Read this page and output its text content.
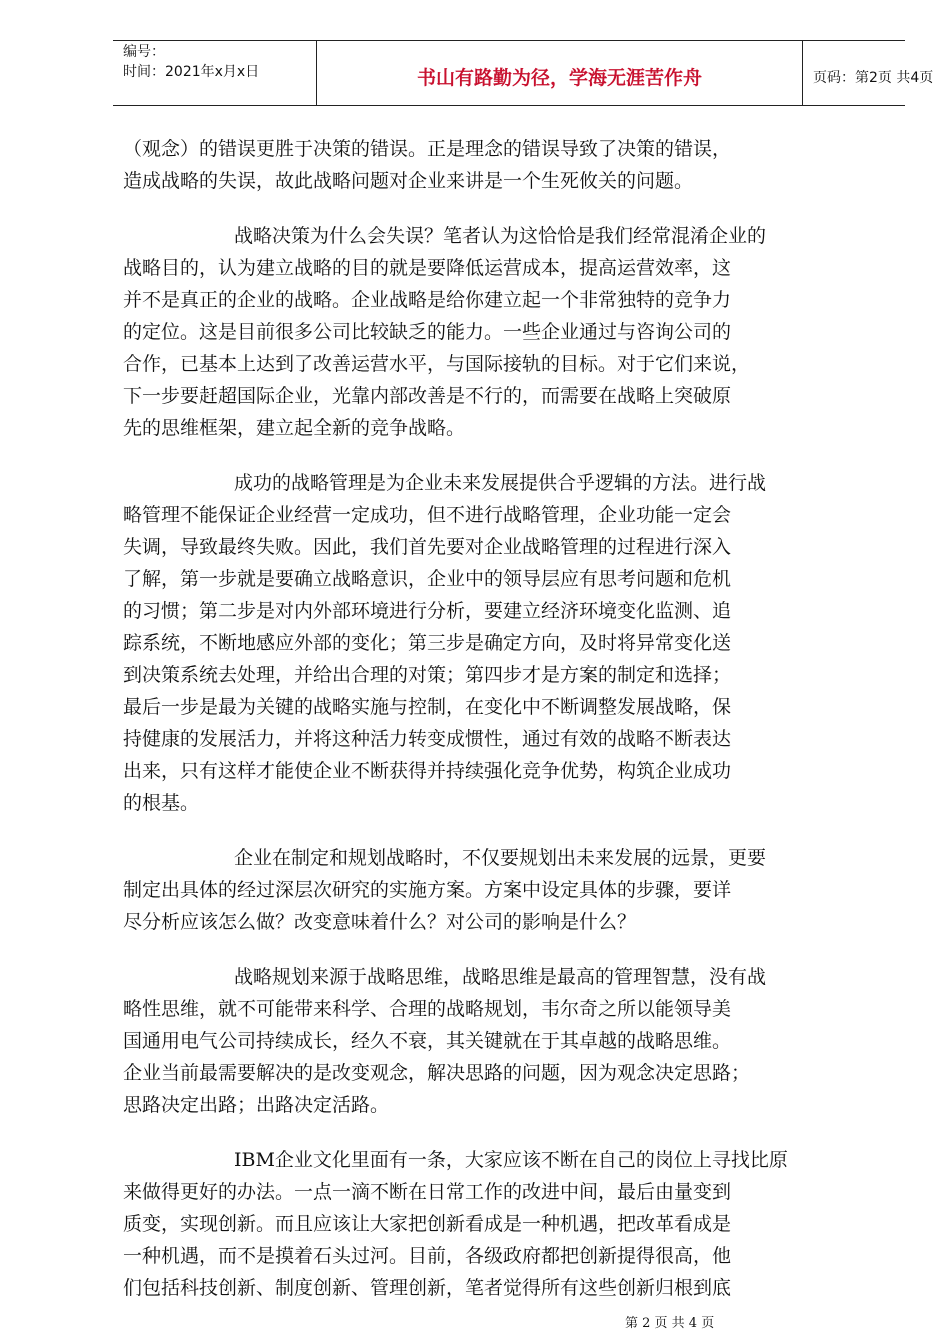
编号：
时间：2021年x月x日	书山有路勤为径，学海无涯苦作舟	页码：第2页 共4页
（观念）的错误更胜于决策的错误。正是理念的错误导致了决策的错误，
造成战略的失误，故此战略问题对企业来讲是一个生死攸关的问题。
战略决策为什么会失误？笔者认为这恰恰是我们经常混淆企业的
战略目的，认为建立战略的目的就是要降低运营成本，提高运营效率，这
并不是真正的企业的战略。企业战略是给你建立起一个非常独特的竞争力
的定位。这是目前很多公司比较缺乏的能力。一些企业通过与咨询公司的
合作，已基本上达到了改善运营水平，与国际接轨的目标。对于它们来说，
下一步要赶超国际企业，光靠内部改善是不行的，而需要在战略上突破原
先的思维框架，建立起全新的竞争战略。
成功的战略管理是为企业未来发展提供合乎逻辑的方法。进行战
略管理不能保证企业经营一定成功，但不进行战略管理，企业功能一定会
失调，导致最终失败。因此，我们首先要对企业战略管理的过程进行深入
了解，第一步就是要确立战略意识，企业中的领导层应有思考问题和危机
的习惯；第二步是对内外部环境进行分析，要建立经济环境变化监测、追
踪系统，不断地感应外部的变化；第三步是确定方向，及时将异常变化送
到决策系统去处理，并给出合理的对策；第四步才是方案的制定和选择；
最后一步是最为关键的战略实施与控制，在变化中不断调整发展战略，保
持健康的发展活力，并将这种活力转变成惯性，通过有效的战略不断表达
出来，只有这样才能使企业不断获得并持续强化竞争优势，构筑企业成功
的根基。
企业在制定和规划战略时，不仅要规划出未来发展的远景，更要
制定出具体的经过深层次研究的实施方案。方案中设定具体的步骤，要详
尽分析应该怎么做？改变意味着什么？对公司的影响是什么？
战略规划来源于战略思维，战略思维是最高的管理智慧，没有战
略性思维，就不可能带来科学、合理的战略规划，韦尔奇之所以能领导美
国通用电气公司持续成长，经久不衰，其关键就在于其卓越的战略思维。
企业当前最需要解决的是改变观念，解决思路的问题，因为观念决定思路；
思路决定出路；出路决定活路。
IBM企业文化里面有一条，大家应该不断在自己的岗位上寻找比原
来做得更好的办法。一点一滴不断在日常工作的改进中间，最后由量变到
质变，实现创新。而且应该让大家把创新看成是一种机遇，把改革看成是
一种机遇，而不是摸着石头过河。目前，各级政府都把创新提得很高，他
们包括科技创新、制度创新、管理创新，笔者觉得所有这些创新归根到底
第 2 页 共 4 页
